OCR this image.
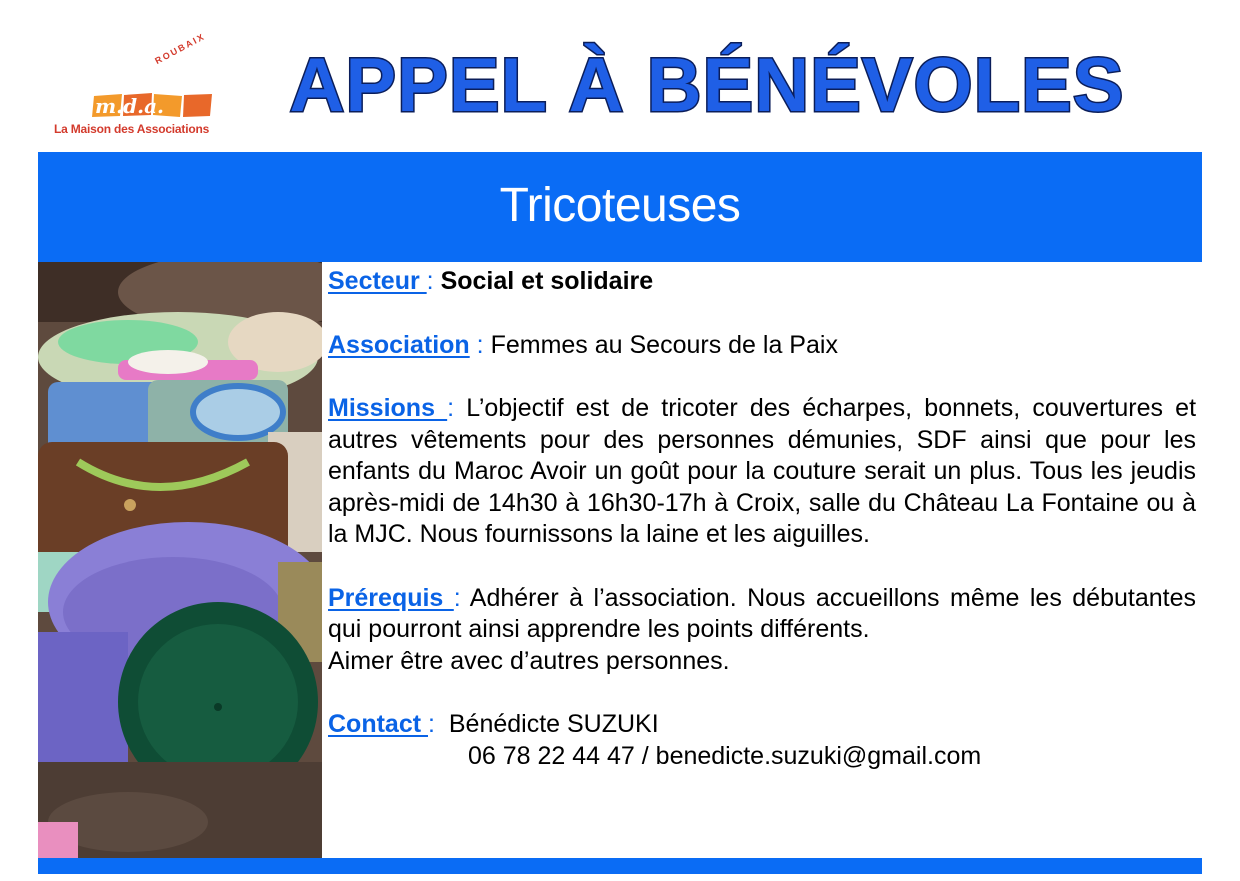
ROUBAIX
m.d.a.
La Maison des Associations
APPEL À BÉNÉVOLES
Tricoteuses

Secteur : Social et solidaire

Association : Femmes au Secours de la Paix

Missions : L’objectif est de tricoter des écharpes, bonnets, couvertures et autres vêtements pour des personnes démunies, SDF ainsi que pour les enfants du Maroc Avoir un goût pour la couture serait un plus. Tous les jeudis après-midi de 14h30 à 16h30-17h à Croix, salle du Château La Fontaine ou à la MJC. Nous fournissons la laine et les aiguilles.

Prérequis : Adhérer à l’association. Nous accueillons même les débutantes qui pourront ainsi apprendre les points différents.
Aimer être avec d’autres personnes.

Contact : Bénédicte SUZUKI
06 78 22 44 47 / benedicte.suzuki@gmail.com
